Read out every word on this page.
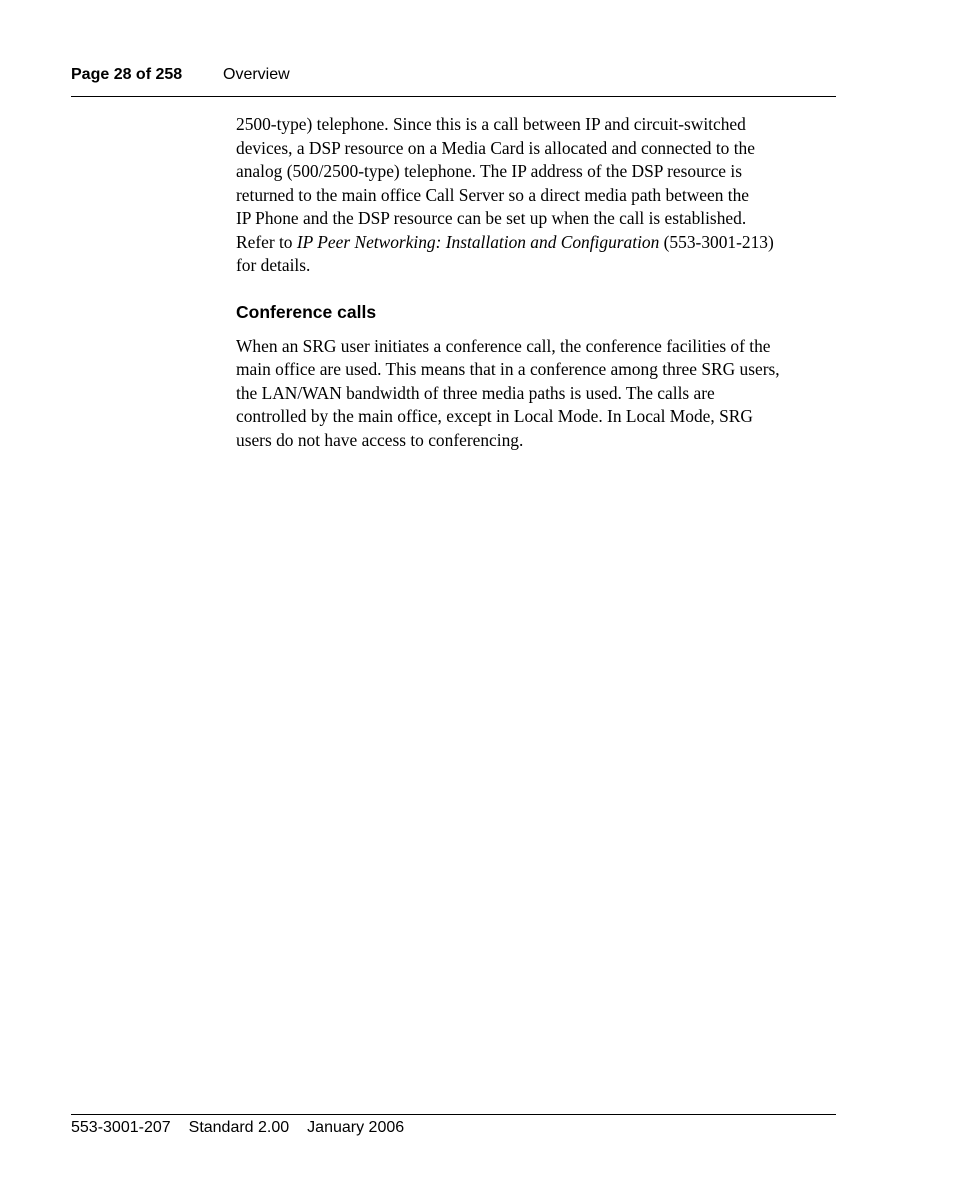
Page 28 of 258	Overview

2500-type) telephone. Since this is a call between IP and circuit-switched
devices, a DSP resource on a Media Card is allocated and connected to the
analog (500/2500-type) telephone. The IP address of the DSP resource is
returned to the main office Call Server so a direct media path between the
IP Phone and the DSP resource can be set up when the call is established.
Refer to IP Peer Networking: Installation and Configuration (553-3001-213)
for details.

Conference calls

When an SRG user initiates a conference call, the conference facilities of the
main office are used. This means that in a conference among three SRG users,
the LAN/WAN bandwidth of three media paths is used. The calls are
controlled by the main office, except in Local Mode. In Local Mode, SRG
users do not have access to conferencing.

553-3001-207 Standard 2.00 January 2006
